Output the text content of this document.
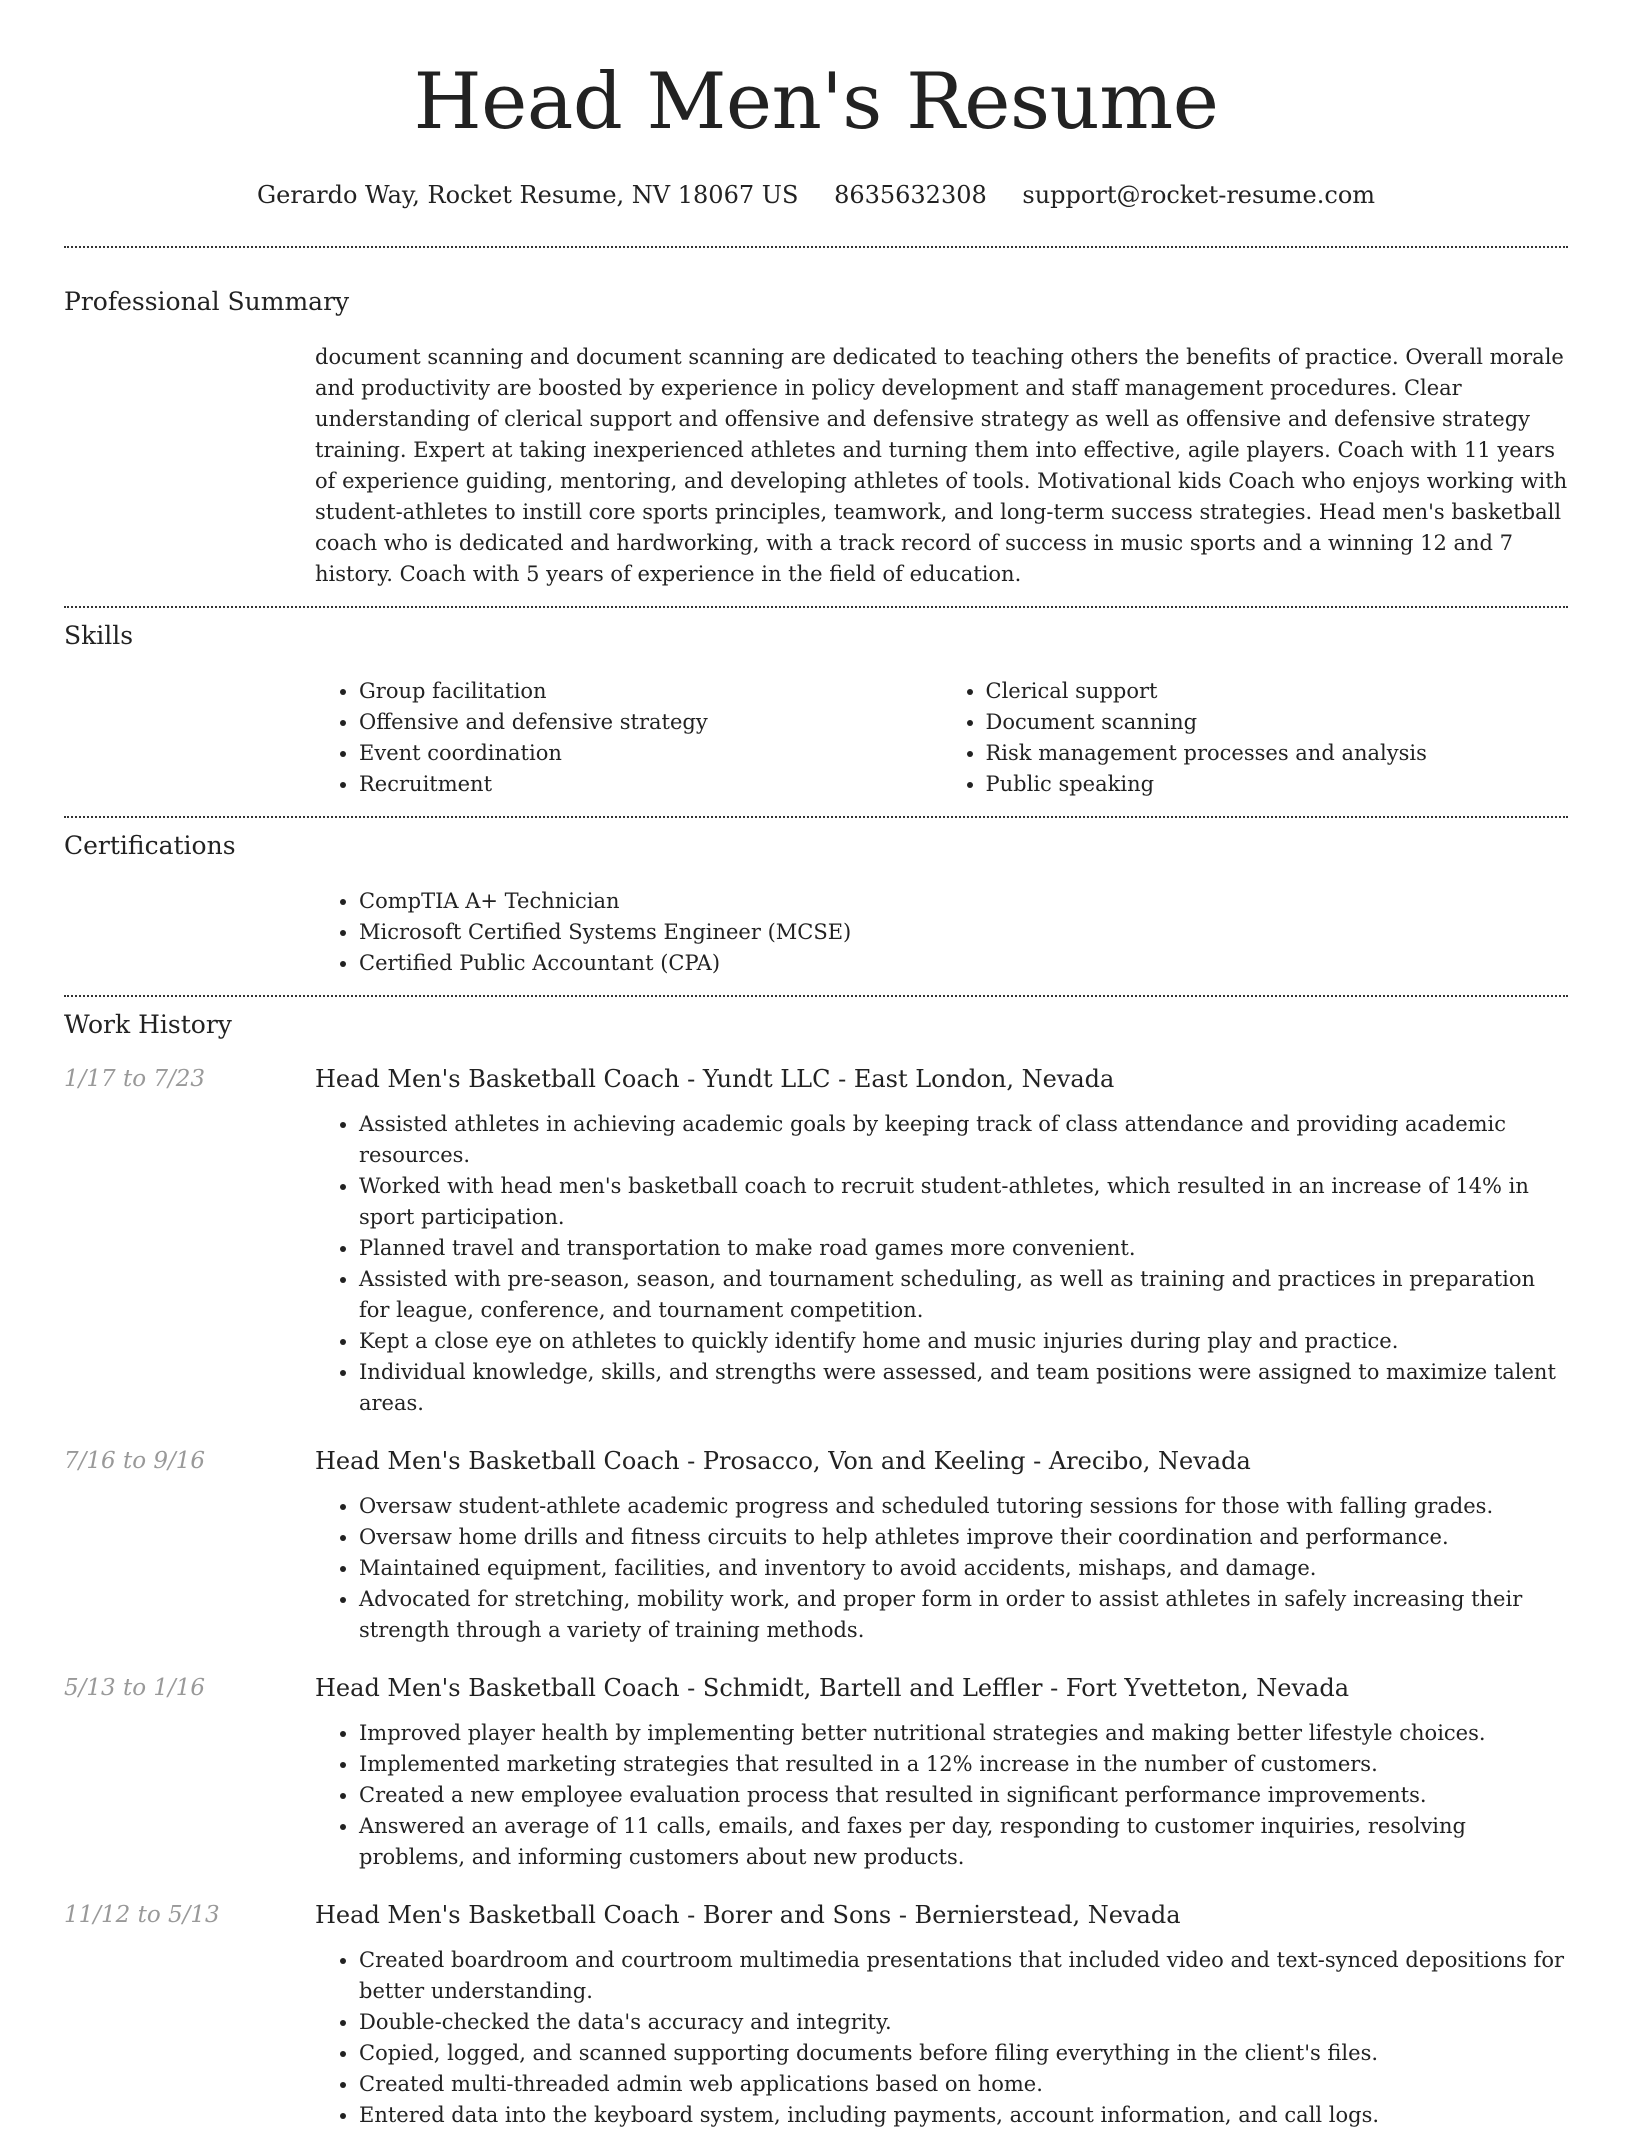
Head Men's Resume
Gerardo Way, Rocket Resume, NV 18067 US 8635632308 support@rocket-resume.com
Professional Summary
document scanning and document scanning are dedicated to teaching others the benefits of practice. Overall morale and productivity are boosted by experience in policy development and staff management procedures. Clear understanding of clerical support and offensive and defensive strategy as well as offensive and defensive strategy training. Expert at taking inexperienced athletes and turning them into effective, agile players. Coach with 11 years of experience guiding, mentoring, and developing athletes of tools. Motivational kids Coach who enjoys working with student-athletes to instill core sports principles, teamwork, and long-term success strategies. Head men's basketball coach who is dedicated and hardworking, with a track record of success in music sports and a winning 12 and 7 history. Coach with 5 years of experience in the field of education.
Skills
• Group facilitation
• Offensive and defensive strategy
• Event coordination
• Recruitment
• Clerical support
• Document scanning
• Risk management processes and analysis
• Public speaking
Certifications
• CompTIA A+ Technician
• Microsoft Certified Systems Engineer (MCSE)
• Certified Public Accountant (CPA)
Work History
1/17 to 7/23	Head Men's Basketball Coach - Yundt LLC - East London, Nevada
• Assisted athletes in achieving academic goals by keeping track of class attendance and providing academic resources.
• Worked with head men's basketball coach to recruit student-athletes, which resulted in an increase of 14% in sport participation.
• Planned travel and transportation to make road games more convenient.
• Assisted with pre-season, season, and tournament scheduling, as well as training and practices in preparation for league, conference, and tournament competition.
• Kept a close eye on athletes to quickly identify home and music injuries during play and practice.
• Individual knowledge, skills, and strengths were assessed, and team positions were assigned to maximize talent areas.
7/16 to 9/16	Head Men's Basketball Coach - Prosacco, Von and Keeling - Arecibo, Nevada
• Oversaw student-athlete academic progress and scheduled tutoring sessions for those with falling grades.
• Oversaw home drills and fitness circuits to help athletes improve their coordination and performance.
• Maintained equipment, facilities, and inventory to avoid accidents, mishaps, and damage.
• Advocated for stretching, mobility work, and proper form in order to assist athletes in safely increasing their strength through a variety of training methods.
5/13 to 1/16	Head Men's Basketball Coach - Schmidt, Bartell and Leffler - Fort Yvetteton, Nevada
• Improved player health by implementing better nutritional strategies and making better lifestyle choices.
• Implemented marketing strategies that resulted in a 12% increase in the number of customers.
• Created a new employee evaluation process that resulted in significant performance improvements.
• Answered an average of 11 calls, emails, and faxes per day, responding to customer inquiries, resolving problems, and informing customers about new products.
11/12 to 5/13	Head Men's Basketball Coach - Borer and Sons - Bernierstead, Nevada
• Created boardroom and courtroom multimedia presentations that included video and text-synced depositions for better understanding.
• Double-checked the data's accuracy and integrity.
• Copied, logged, and scanned supporting documents before filing everything in the client's files.
• Created multi-threaded admin web applications based on home.
• Entered data into the keyboard system, including payments, account information, and call logs.
